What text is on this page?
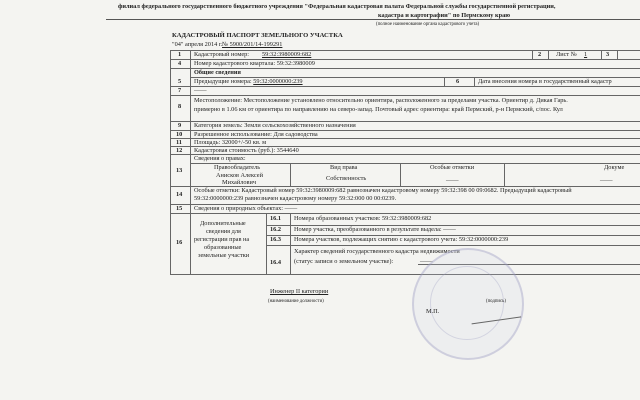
филиал федерального государственного бюджетного учреждения "Федеральная кадастровая палата Федеральной службы государственной регистрации,
кадастра и картографии" по Пермскому краю
(полное наименование органа кадастрового учета)
КАДАСТРОВЫЙ ПАСПОРТ ЗЕМЕЛЬНОГО УЧАСТКА
"04" апреля 2014 г. № 5900/201/14-199291
1 Кадастровый номер: 59:32:3980009:682	2 Лист № 1	3
4 Номер кадастрового квартала: 59:32:3980009
Общие сведения
5 Предыдущие номера: 59:32:0000000:239	6	Дата внесения номера в государственный кадастр
7 ——
8
Местоположение: Местоположение установлено относительно ориентира, расположенного за пределами участка. Ориентир д. Дикая Гарь.
примерно в 1.06 км от ориентира по направлению на северо-запад. Почтовый адрес ориентира: край Пермский, р-н Пермский, с/пос. Кул
9 Категория земель: Земли сельскохозяйственного назначения
10 Разрешенное использование: Для садоводства
11 Площадь: 32000+/-50 кв. м
12 Кадастровая стоимость (руб.): 3544640
13
Сведения о правах:
Правообладатель	Вид права	Особые отметки	Докуме
Анисков Алексей
Михайлович
Собственность	——	——
14
Особые отметки: Кадастровый номер 59:32:3980009:682 равнозначен кадастровому номеру 59:32:398 00 09:0682. Предыдущий кадастровый
59:32:0000000:239 равнозначен кадастровому номеру 59:32:000 00 00:0239.
15 Сведения о природных объектах: ——
16
Дополнительные
сведения для
регистрации прав на
образованные
земельные участки
16.1 Номера образованных участков: 59:32:3980009:682
16.2 Номер участка, преобразованного в результате выдела: ——
16.3 Номера участков, подлежащих снятию с кадастрового учета: 59:32:0000000:239
Характер сведений государственного кадастра недвижимости
16.4 (статус записи о земельном участке):	——
Инженер II категории
(наименование должности)
М.П.
(подпись)
